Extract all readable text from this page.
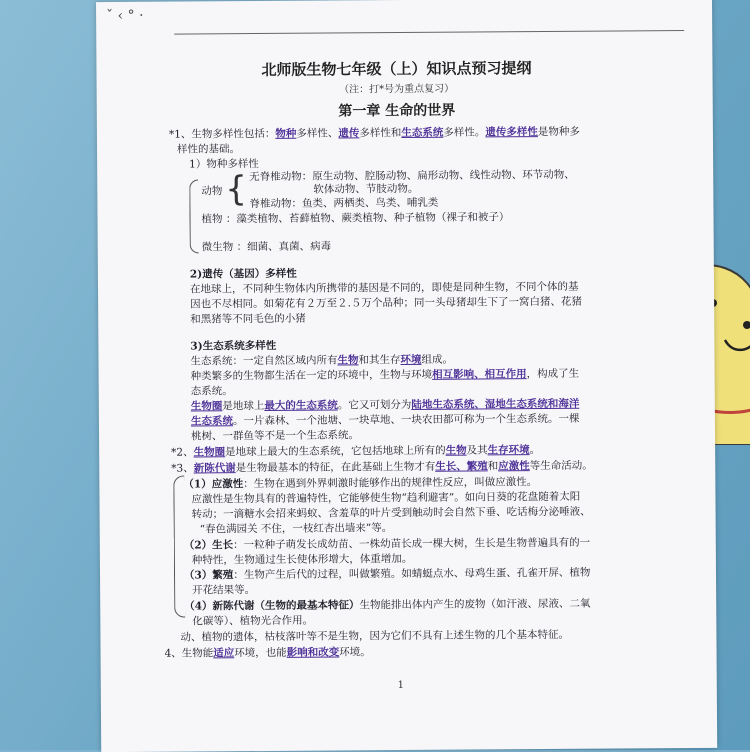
ˇ ‹ ° ·
北师版生物七年级（上）知识点预习提纲
（注：打*号为重点复习）
第一章 生命的世界
*1、生物多样性包括：物种多样性、遗传多样性和生态系统多样性。遗传多样性是物种多
样性的基础。
1）物种多样性
动物 { 无脊椎动物：原生动物、腔肠动物、扁形动物、线性动物、环节动物、
软体动物、节肢动物。
脊椎动物：鱼类、两栖类、鸟类、哺乳类
植物 ：藻类植物、苔藓植物、蕨类植物、种子植物（裸子和被子）
微生物 ：细菌、真菌、病毒
2)遗传（基因）多样性
在地球上，不同种生物体内所携带的基因是不同的，即使是同种生物，不同个体的基
因也不尽相同。如菊花有２万至２.５万个品种；同一头母猪却生下了一窝白猪、花猪
和黑猪等不同毛色的小猪
3)生态系统多样性
生态系统：一定自然区域内所有生物和其生存环境组成。
种类繁多的生物都生活在一定的环境中，生物与环境相互影响、相互作用，构成了生
态系统。
生物圈是地球上最大的生态系统。它又可划分为陆地生态系统、湿地生态系统和海洋
生态系统。一片森林、一个池塘、一块草地、一块农田都可称为一个生态系统。一棵
桃树、一群鱼等不是一个生态系统。
*2、生物圈是地球上最大的生态系统，它包括地球上所有的生物及其生存环境。
*3、新陈代谢是生物最基本的特征，在此基础上生物才有生长、繁殖和应激性等生命活动。
（1）应激性：生物在遇到外界刺激时能够作出的规律性反应，叫做应激性。
应激性是生物具有的普遍特性，它能够使生物“趋利避害”。如向日葵的花盘随着太阳
转动；一滴糖水会招来蚂蚁、含羞草的叶片受到触动时会自然下垂、吃话梅分泌唾液、
“春色满园关 不住，一枝红杏出墙来”等。
（2）生长：一粒种子萌发长成幼苗、一株幼苗长成一棵大树，生长是生物普遍具有的一
种特性，生物通过生长使体形增大，体重增加。
（3）繁殖：生物产生后代的过程，叫做繁殖。如蜻蜓点水、母鸡生蛋、孔雀开屏、植物
开花结果等。
（4）新陈代谢（生物的最基本特征）生物能排出体内产生的废物（如汗液、尿液、二氧
化碳等）、植物光合作用。
动、植物的遗体，枯枝落叶等不是生物，因为它们不具有上述生物的几个基本特征。
4、生物能适应环境，也能影响和改变环境。
1
